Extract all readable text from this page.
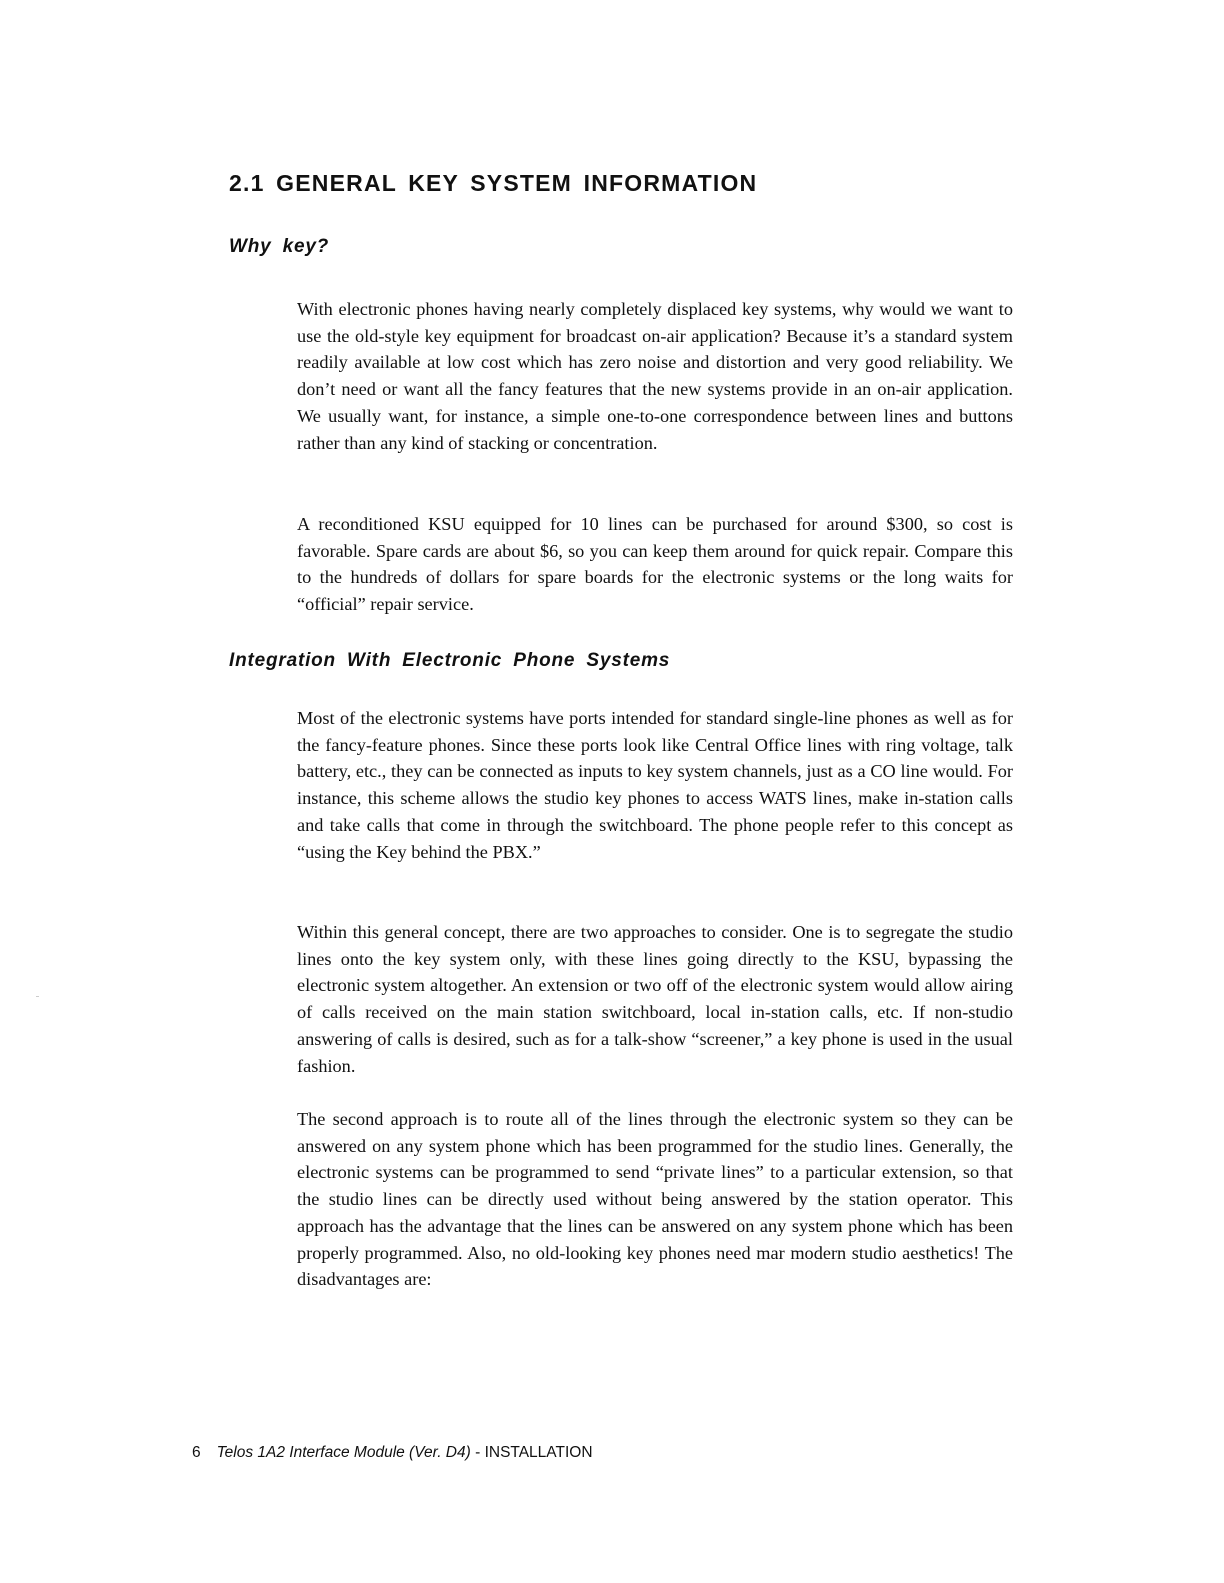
2.1 GENERAL KEY SYSTEM INFORMATION
Why key?

With electronic phones having nearly completely displaced key systems, why would we want to use the old-style key equipment for broadcast on-air application? Because it’s a standard system readily available at low cost which has zero noise and distortion and very good reliability. We don’t need or want all the fancy features that the new systems provide in an on-air application. We usually want, for instance, a simple one-to-one correspondence between lines and buttons rather than any kind of stacking or concentration.

A reconditioned KSU equipped for 10 lines can be purchased for around $300, so cost is favorable. Spare cards are about $6, so you can keep them around for quick repair. Compare this to the hundreds of dollars for spare boards for the electronic systems or the long waits for “official” repair service.

Integration With Electronic Phone Systems

Most of the electronic systems have ports intended for standard single-line phones as well as for the fancy-feature phones. Since these ports look like Central Office lines with ring voltage, talk battery, etc., they can be connected as inputs to key system channels, just as a CO line would. For instance, this scheme allows the studio key phones to access WATS lines, make in-station calls and take calls that come in through the switchboard. The phone people refer to this concept as “using the Key behind the PBX.”

Within this general concept, there are two approaches to consider. One is to segregate the studio lines onto the key system only, with these lines going directly to the KSU, bypassing the electronic system altogether. An extension or two off of the electronic system would allow airing of calls received on the main station switchboard, local in-station calls, etc. If non-studio answering of calls is desired, such as for a talk-show “screener,” a key phone is used in the usual fashion.

The second approach is to route all of the lines through the electronic system so they can be answered on any system phone which has been programmed for the studio lines. Generally, the electronic systems can be programmed to send “private lines” to a particular extension, so that the studio lines can be directly used without being answered by the station operator. This approach has the advantage that the lines can be answered on any system phone which has been properly programmed. Also, no old-looking key phones need mar modern studio aesthetics! The disadvantages are:

6 Telos 1A2 Interface Module (Ver. D4) - INSTALLATION
